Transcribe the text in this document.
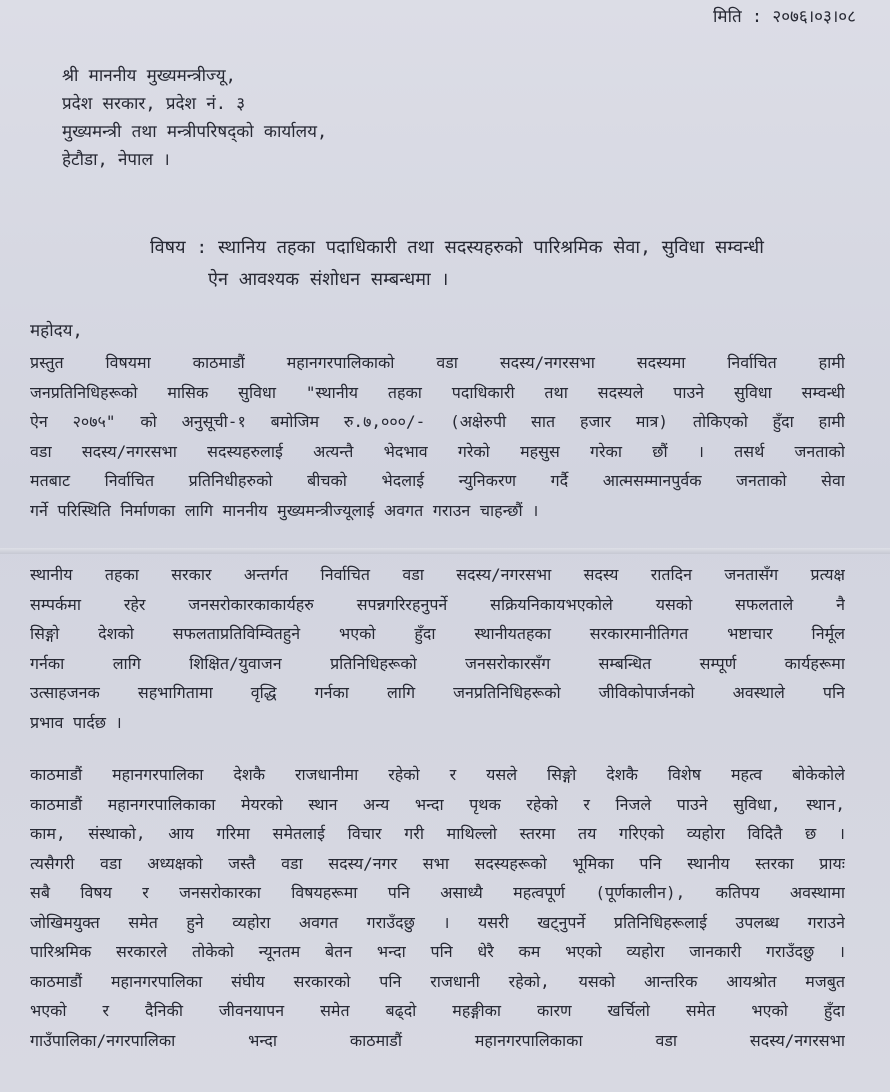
मिति : २०७६।०३।०८
श्री माननीय मुख्यमन्त्रीज्यू,
प्रदेश सरकार, प्रदेश नं. ३
मुख्यमन्त्री तथा मन्त्रीपरिषद्को कार्यालय,
हेटौडा, नेपाल ।
विषय : स्थानिय तहका पदाधिकारी तथा सदस्यहरुको पारिश्रमिक सेवा, सुविधा सम्वन्धी
ऐन आवश्यक संशोधन सम्बन्धमा ।
महोदय,
प्रस्तुत विषयमा काठमाडौं महानगरपालिकाको वडा सदस्य/नगरसभा सदस्यमा निर्वाचित हामी
जनप्रतिनिधिहरूको मासिक सुविधा "स्थानीय तहका पदाधिकारी तथा सदस्यले पाउने सुविधा सम्वन्धी
ऐन २०७५" को अनुसूची-१ बमोजिम रु.७,०००/- (अक्षेरुपी सात हजार मात्र) तोकिएको हुँदा हामी
वडा सदस्य/नगरसभा सदस्यहरुलाई अत्यन्तै भेदभाव गरेको महसुस गरेका छौं । तसर्थ जनताको
मतबाट निर्वाचित प्रतिनिधीहरुको बीचको भेदलाई न्युनिकरण गर्दै आत्मसम्मानपुर्वक जनताको सेवा
गर्ने परिस्थिति निर्माणका लागि माननीय मुख्यमन्त्रीज्यूलाई अवगत गराउन चाहन्छौं ।
स्थानीय तहका सरकार अन्तर्गत निर्वाचित वडा सदस्य/नगरसभा सदस्य रातदिन जनतासँग प्रत्यक्ष
सम्पर्कमा रहेर जनसरोकारकाकार्यहरु सपन्नगरिरहनुपर्ने सक्रियनिकायभएकोले यसको सफलताले नै
सिङ्गो देशको सफलताप्रतिविम्वितहुने भएको हुँदा स्थानीयतहका सरकारमानीतिगत भष्टाचार निर्मूल
गर्नका लागि शिक्षित/युवाजन प्रतिनिधिहरूको जनसरोकारसँग सम्बन्धित सम्पूर्ण कार्यहरूमा
उत्साहजनक सहभागितामा वृद्धि गर्नका लागि जनप्रतिनिधिहरूको जीविकोपार्जनको अवस्थाले पनि
प्रभाव पार्दछ ।
काठमाडौं महानगरपालिका देशकै राजधानीमा रहेको र यसले सिङ्गो देशकै विशेष महत्व बोकेकोले
काठमाडौं महानगरपालिकाका मेयरको स्थान अन्य भन्दा पृथक रहेको र निजले पाउने सुविधा, स्थान,
काम, संस्थाको, आय गरिमा समेतलाई विचार गरी माथिल्लो स्तरमा तय गरिएको व्यहोरा विदितै छ ।
त्यसैगरी वडा अध्यक्षको जस्तै वडा सदस्य/नगर सभा सदस्यहरूको भूमिका पनि स्थानीय स्तरका प्रायः
सबै विषय र जनसरोकारका विषयहरूमा पनि असाध्यै महत्वपूर्ण (पूर्णकालीन), कतिपय अवस्थामा
जोखिमयुक्त समेत हुने व्यहोरा अवगत गराउँदछु । यसरी खट्नुपर्ने प्रतिनिधिहरूलाई उपलब्ध गराउने
पारिश्रमिक सरकारले तोकेको न्यूनतम बेतन भन्दा पनि धेरै कम भएको व्यहोरा जानकारी गराउँदछु ।
काठमाडौं महानगरपालिका संघीय सरकारको पनि राजधानी रहेको, यसको आन्तरिक आयश्रोत मजबुत
भएको र दैनिकी जीवनयापन समेत बढ्दो महङ्गीका कारण खर्चिलो समेत भएको हुँदा
गाउँपालिका/नगरपालिका भन्दा काठमाडौं महानगरपालिकाका वडा सदस्य/नगरसभा
